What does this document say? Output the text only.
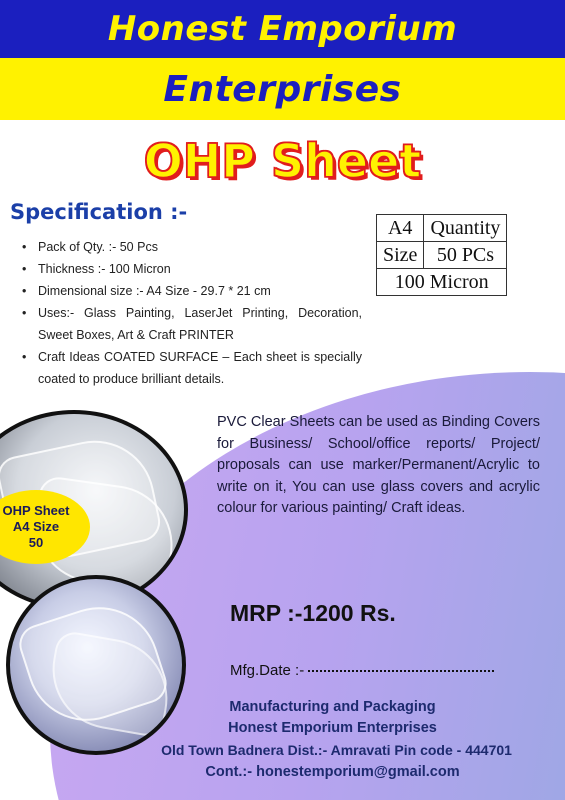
Honest Emporium
Enterprises
OHP Sheet
Specification :-
• Pack of Qty. :- 50 Pcs
• Thickness :- 100 Micron
• Dimensional size :- A4 Size - 29.7 * 21 cm
• Uses:- Glass Painting, LaserJet Printing, Decoration, Sweet Boxes, Art & Craft PRINTER
• Craft Ideas COATED SURFACE – Each sheet is specially coated to produce brilliant details.
A4	Quantity
Size	50 PCs
100 Micron	
PVC Clear Sheets can be used as Binding Covers for Business/ School/office reports/ Project/ proposals can use marker/Permanent/Acrylic to write on it, You can use glass covers and acrylic colour for various painting/ Craft ideas.
OHP Sheet
A4 Size
50
MRP :-1200 Rs.
Mfg.Date :-
Manufacturing and Packaging
Honest Emporium Enterprises
Old Town Badnera Dist.:- Amravati Pin code - 444701
Cont.:- honestemporium@gmail.com
